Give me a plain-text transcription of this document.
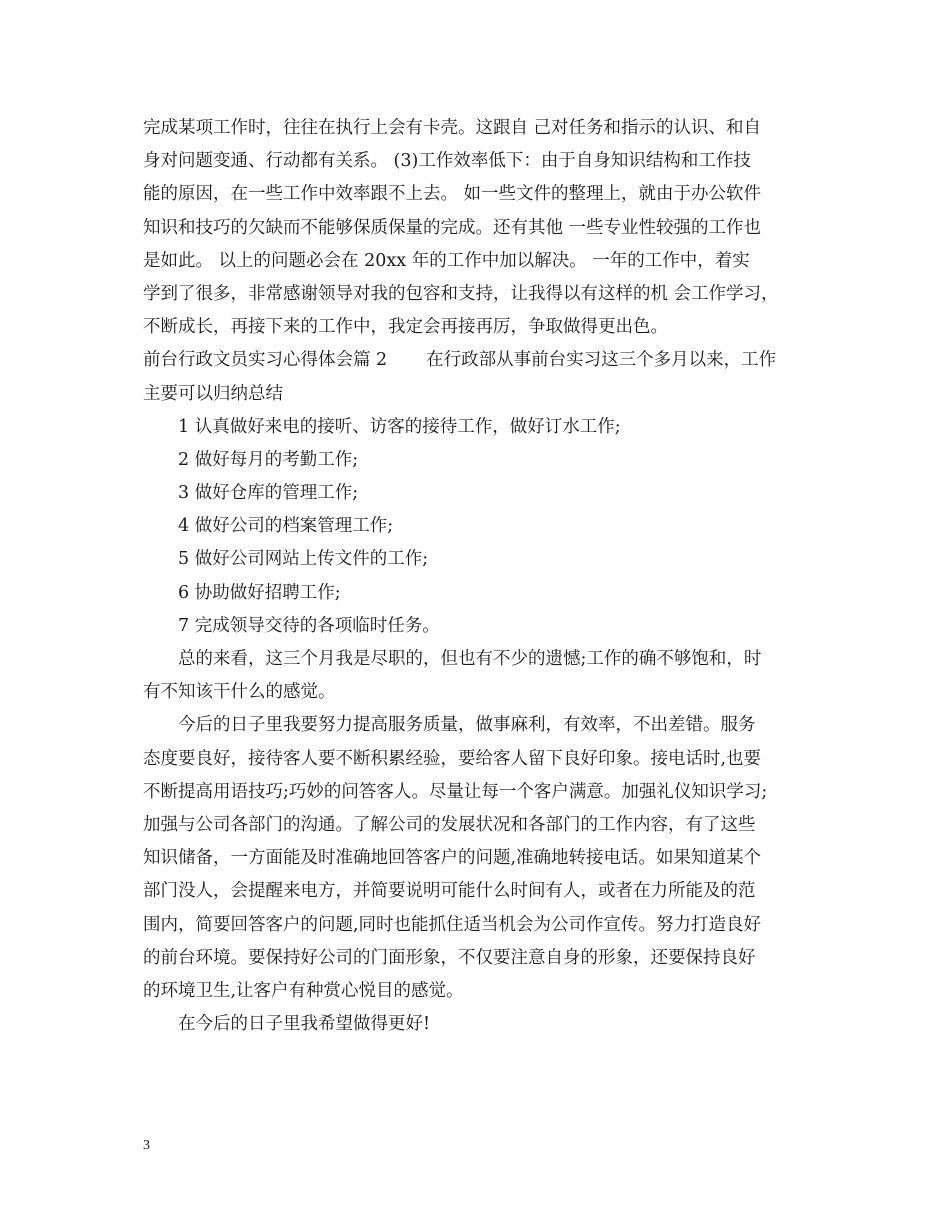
完成某项工作时，往往在执行上会有卡壳。这跟自 己对任务和指示的认识、和自
身对问题变通、行动都有关系。 (3)工作效率低下：由于自身知识结构和工作技
能的原因，在一些工作中效率跟不上去。 如一些文件的整理上，就由于办公软件
知识和技巧的欠缺而不能够保质保量的完成。还有其他 一些专业性较强的工作也
是如此。 以上的问题必会在 20xx 年的工作中加以解决。 一年的工作中，着实
学到了很多，非常感谢领导对我的包容和支持，让我得以有这样的机 会工作学习，
不断成长，再接下来的工作中，我定会再接再厉，争取做得更出色。
前台行政文员实习心得体会篇 2       在行政部从事前台实习这三个多月以来，工作
主要可以归纳总结
1 认真做好来电的接听、访客的接待工作，做好订水工作;
2 做好每月的考勤工作;
3 做好仓库的管理工作;
4 做好公司的档案管理工作;
5 做好公司网站上传文件的工作;
6 协助做好招聘工作;
7 完成领导交待的各项临时任务。
总的来看，这三个月我是尽职的，但也有不少的遗憾;工作的确不够饱和，时
有不知该干什么的感觉。
今后的日子里我要努力提高服务质量，做事麻利，有效率，不出差错。服务
态度要良好，接待客人要不断积累经验，要给客人留下良好印象。接电话时,也要
不断提高用语技巧;巧妙的问答客人。尽量让每一个客户满意。加强礼仪知识学习;
加强与公司各部门的沟通。了解公司的发展状况和各部门的工作内容，有了这些
知识储备，一方面能及时准确地回答客户的问题,准确地转接电话。如果知道某个
部门没人，会提醒来电方，并简要说明可能什么时间有人，或者在力所能及的范
围内，简要回答客户的问题,同时也能抓住适当机会为公司作宣传。努力打造良好
的前台环境。要保持好公司的门面形象，不仅要注意自身的形象，还要保持良好
的环境卫生,让客户有种赏心悦目的感觉。
在今后的日子里我希望做得更好!
3
